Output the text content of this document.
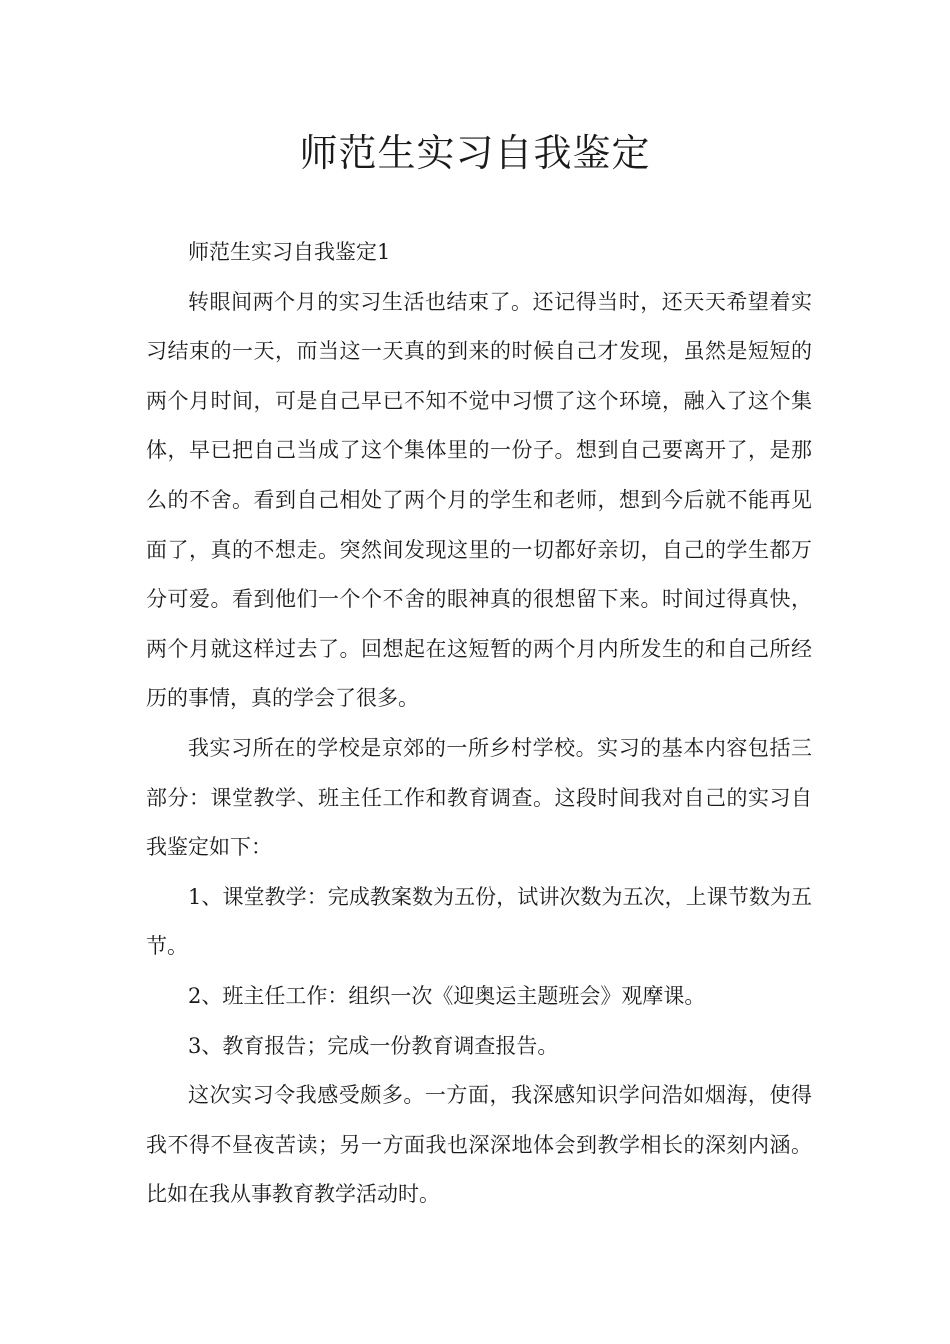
师范生实习自我鉴定

师范生实习自我鉴定1

转眼间两个月的实习生活也结束了。还记得当时，还天天希望着实习结束的一天，而当这一天真的到来的时候自己才发现，虽然是短短的两个月时间，可是自己早已不知不觉中习惯了这个环境，融入了这个集体，早已把自己当成了这个集体里的一份子。想到自己要离开了，是那么的不舍。看到自己相处了两个月的学生和老师，想到今后就不能再见面了，真的不想走。突然间发现这里的一切都好亲切，自己的学生都万分可爱。看到他们一个个不舍的眼神真的很想留下来。时间过得真快，两个月就这样过去了。回想起在这短暂的两个月内所发生的和自己所经历的事情，真的学会了很多。

我实习所在的学校是京郊的一所乡村学校。实习的基本内容包括三部分：课堂教学、班主任工作和教育调查。这段时间我对自己的实习自我鉴定如下：

1、课堂教学：完成教案数为五份，试讲次数为五次，上课节数为五节。

2、班主任工作：组织一次《迎奥运主题班会》观摩课。

3、教育报告；完成一份教育调查报告。

这次实习令我感受颇多。一方面，我深感知识学问浩如烟海，使得我不得不昼夜苦读；另一方面我也深深地体会到教学相长的深刻内涵。比如在我从事教育教学活动时。
